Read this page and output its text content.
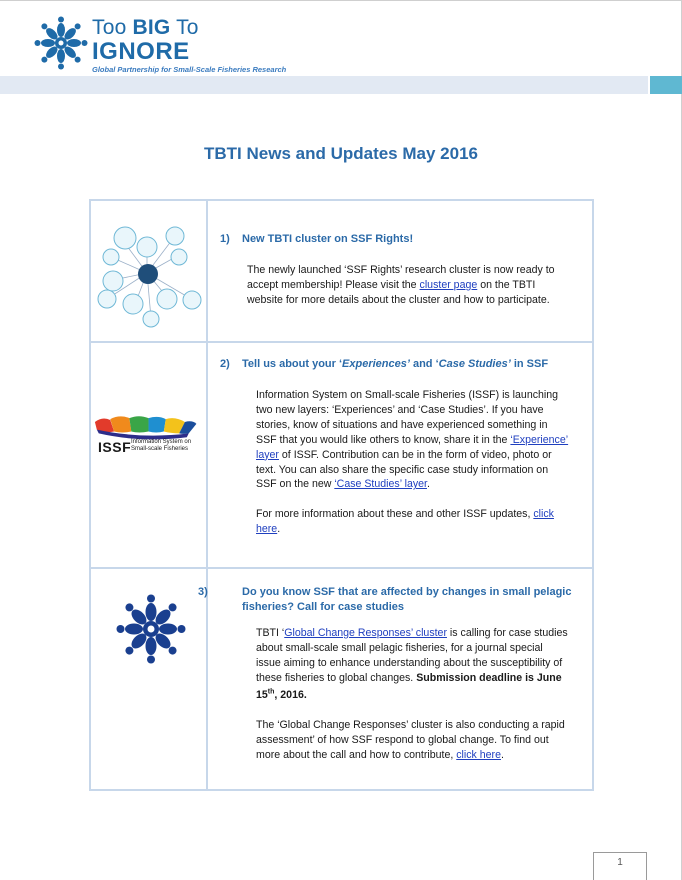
Too BIG To
IGNORE
Global Partnership for Small-Scale Fisheries Research
TBTI News and Updates May 2016
1) New TBTI cluster on SSF Rights!

The newly launched ‘SSF Rights’ research cluster is now ready to accept membership! Please visit the cluster page on the TBTI website for more details about the cluster and how to participate.

ISSF Information System on
Small-scale Fisheries
2) Tell us about your ‘Experiences’ and ‘Case Studies’ in SSF

Information System on Small-scale Fisheries (ISSF) is launching two new layers: ‘Experiences’ and ‘Case Studies’. If you have stories, know of situations and have experienced something in SSF that you would like others to know, share it in the ‘Experience’ layer of ISSF. Contribution can be in the form of video, photo or text. You can also share the specific case study information on SSF on the new ‘Case Studies’ layer.

For more information about these and other ISSF updates, click here.

3)	Do you know SSF that are affected by changes in small pelagic fisheries? Call for case studies

TBTI ‘Global Change Responses’ cluster is calling for case studies about small-scale small pelagic fisheries, for a journal special issue aiming to enhance understanding about the susceptibility of these fisheries to global changes. Submission deadline is June 15th, 2016.

The ‘Global Change Responses’ cluster is also conducting a rapid assessment’ of how SSF respond to global change. To find out more about the call and how to contribute, click here.

1
